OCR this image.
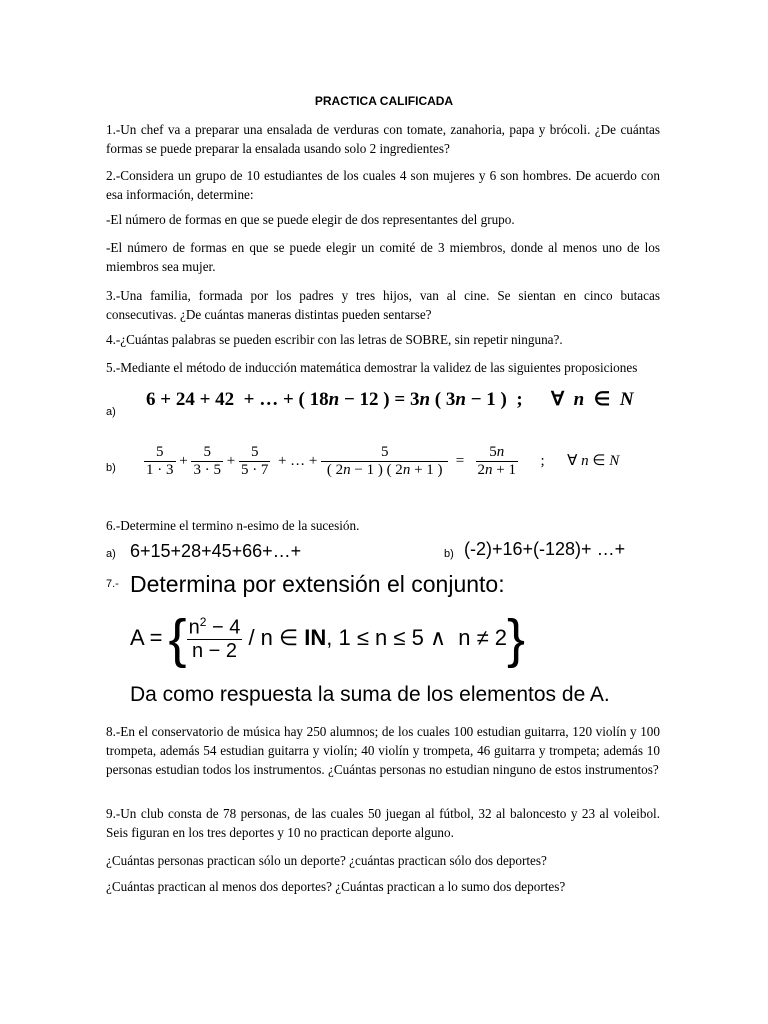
PRACTICA CALIFICADA
1.-Un chef va a preparar una ensalada de verduras con tomate, zanahoria, papa y brócoli. ¿De cuántas formas se puede preparar la ensalada usando solo 2 ingredientes?
2.-Considera un grupo de 10 estudiantes de los cuales 4 son mujeres y 6 son hombres. De acuerdo con esa información, determine:
-El número de formas en que se puede elegir de dos representantes del grupo.
-El número de formas en que se puede elegir un comité de 3 miembros, donde al menos uno de los miembros sea mujer.
3.-Una familia, formada por los padres y tres hijos, van al cine. Se sientan en cinco butacas consecutivas. ¿De cuántas maneras distintas pueden sentarse?
4.-¿Cuántas palabras se pueden escribir con las letras de SOBRE, sin repetir ninguna?.
5.-Mediante el método de inducción matemática demostrar la validez de las siguientes proposiciones
a)
6 + 24 + 42  + … + ( 18n − 12 ) = 3n ( 3n − 1 )  ;      ∀  n  ∈  N
$b) \frac{5}{1 \cdot 3} + \frac{5}{3 \cdot 5} + \frac{5}{5 \cdot 7}$ + … + $\frac{5}{( 2n - 1 ) ( 2n + 1 )} = \frac{5n}{2n + 1}$ ;      ∀ n ∈ N
6.-Determine el termino n-esimo de la sucesión.
a) 6+15+28+45+66+…+	b) (-2)+16+(-128)+ …+
7.- Determina por extensión el conjunto:
A = { $\frac{n^2 - 4}{n - 2}$ / n ∈ IN, 1 ≤ n ≤ 5 ∧  n ≠ 2}
Da como respuesta la suma de los elementos de A.
8.-En el conservatorio de música hay 250 alumnos; de los cuales 100 estudian guitarra, 120 violín y 100 trompeta, además 54 estudian guitarra y violín; 40 violín y trompeta, 46 guitarra y trompeta; además 10 personas estudian todos los instrumentos. ¿Cuántas personas no estudian ninguno de estos instrumentos?
9.-Un club consta de 78 personas, de las cuales 50 juegan al fútbol, 32 al baloncesto y 23 al voleibol. Seis figuran en los tres deportes y 10 no practican deporte alguno.
¿Cuántas personas practican sólo un deporte? ¿cuántas practican sólo dos deportes?
¿Cuántas practican al menos dos deportes? ¿Cuántas practican a lo sumo dos deportes?
